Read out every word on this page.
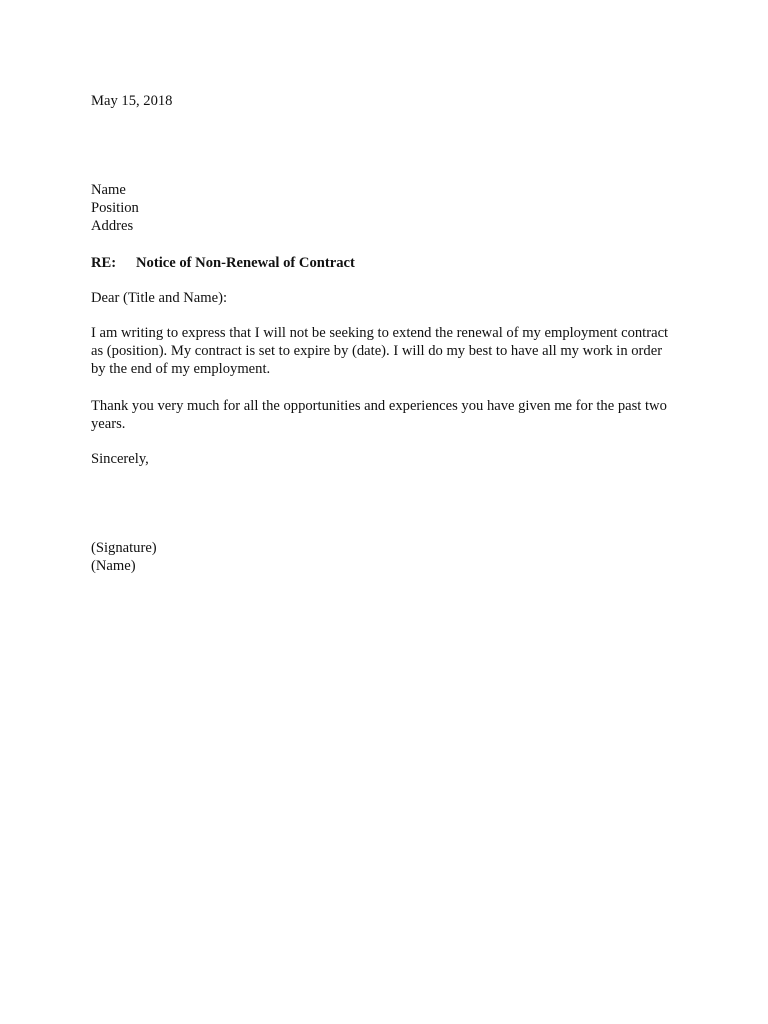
May 15, 2018
Name
Position
Addres
RE: Notice of Non-Renewal of Contract
Dear (Title and Name):
I am writing to express that I will not be seeking to extend the renewal of my employment contract
as (position). My contract is set to expire by (date). I will do my best to have all my work in order
by the end of my employment.
Thank you very much for all the opportunities and experiences you have given me for the past two
years.
Sincerely,
(Signature)
(Name)
